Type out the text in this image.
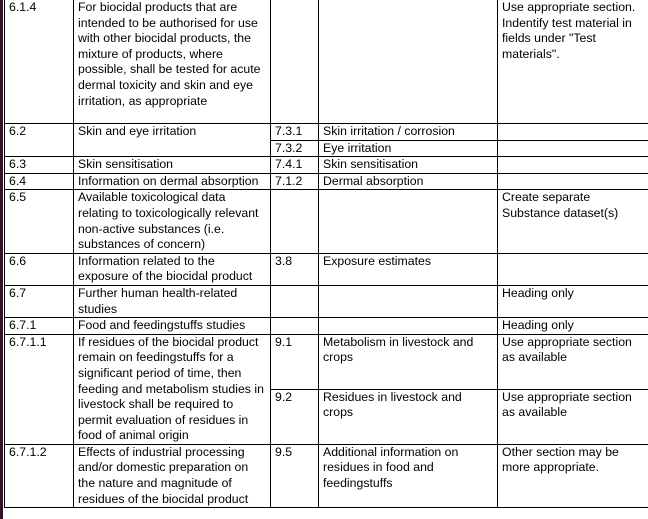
6.1.4	For biocidal products that are intended to be authorised for use with other biocidal products, the mixture of products, where possible, shall be tested for acute dermal toxicity and skin and eye irritation, as appropriate			Use appropriate section. Indentify test material in fields under "Test materials".
6.2	Skin and eye irritation	7.3.1	Skin irritation / corrosion	
		7.3.2	Eye irritation	
6.3	Skin sensitisation	7.4.1	Skin sensitisation	
6.4	Information on dermal absorption	7.1.2	Dermal absorption	
6.5	Available toxicological data relating to toxicologically relevant non-active substances (i.e. substances of concern)			Create separate Substance dataset(s)
6.6	Information related to the exposure of the biocidal product	3.8	Exposure estimates	
6.7	Further human health-related studies			Heading only
6.7.1	Food and feedingstuffs studies			Heading only
6.7.1.1	If residues of the biocidal product remain on feedingstuffs for a significant period of time, then feeding and metabolism studies in livestock shall be required to permit evaluation of residues in food of animal origin	9.1	Metabolism in livestock and crops	Use appropriate section as available
		9.2	Residues in livestock and crops	Use appropriate section as available
6.7.1.2	Effects of industrial processing and/or domestic preparation on the nature and magnitude of residues of the biocidal product	9.5	Additional information on residues in food and feedingstuffs	Other section may be more appropriate.
